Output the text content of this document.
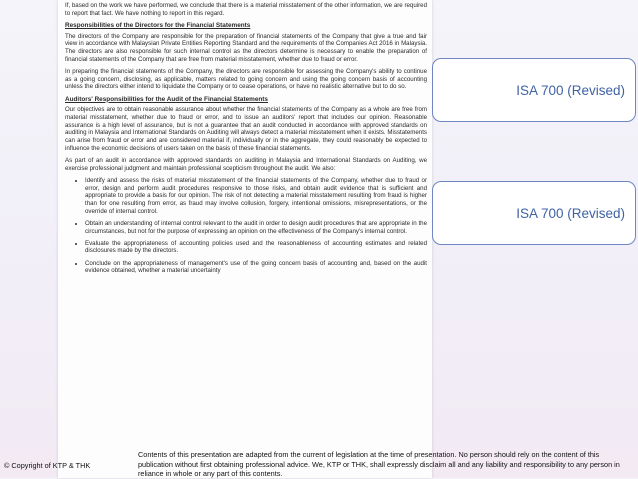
If, based on the work we have performed, we conclude that there is a material misstatement of the other information, we are required to report that fact. We have nothing to report in this regard.

Responsibilities of the Directors for the Financial Statements

The directors of the Company are responsible for the preparation of financial statements of the Company that give a true and fair view in accordance with Malaysian Private Entities Reporting Standard and the requirements of the Companies Act 2016 in Malaysia. The directors are also responsible for such internal control as the directors determine is necessary to enable the preparation of financial statements of the Company that are free from material misstatement, whether due to fraud or error.

In preparing the financial statements of the Company, the directors are responsible for assessing the Company's ability to continue as a going concern, disclosing, as applicable, matters related to going concern and using the going concern basis of accounting unless the directors either intend to liquidate the Company or to cease operations, or have no realistic alternative but to do so.

Auditors' Responsibilities for the Audit of the Financial Statements

Our objectives are to obtain reasonable assurance about whether the financial statements of the Company as a whole are free from material misstatement, whether due to fraud or error, and to issue an auditors' report that includes our opinion. Reasonable assurance is a high level of assurance, but is not a guarantee that an audit conducted in accordance with approved standards on auditing in Malaysia and International Standards on Auditing will always detect a material misstatement when it exists. Misstatements can arise from fraud or error and are considered material if, individually or in the aggregate, they could reasonably be expected to influence the economic decisions of users taken on the basis of these financial statements.

As part of an audit in accordance with approved standards on auditing in Malaysia and International Standards on Auditing, we exercise professional judgment and maintain professional scepticism throughout the audit. We also:

• Identify and assess the risks of material misstatement of the financial statements of the Company, whether due to fraud or error, design and perform audit procedures responsive to those risks, and obtain audit evidence that is sufficient and appropriate to provide a basis for our opinion. The risk of not detecting a material misstatement resulting from fraud is higher than for one resulting from error, as fraud may involve collusion, forgery, intentional omissions, misrepresentations, or the override of internal control.
• Obtain an understanding of internal control relevant to the audit in order to design audit procedures that are appropriate in the circumstances, but not for the purpose of expressing an opinion on the effectiveness of the Company's internal control.
• Evaluate the appropriateness of accounting policies used and the reasonableness of accounting estimates and related disclosures made by the directors.
• Conclude on the appropriateness of management's use of the going concern basis of accounting and, based on the audit evidence obtained, whether a material uncertainty
ISA 700 (Revised)
ISA 700 (Revised)
© Copyright of KTP & THK
Contents of this presentation are adapted from the current of legislation at the time of presentation. No person should rely on the content of this publication without first obtaining professional advice. We, KTP or THK, shall expressly disclaim all and any liability and responsibility to any person in reliance in whole or any part of this contents.
